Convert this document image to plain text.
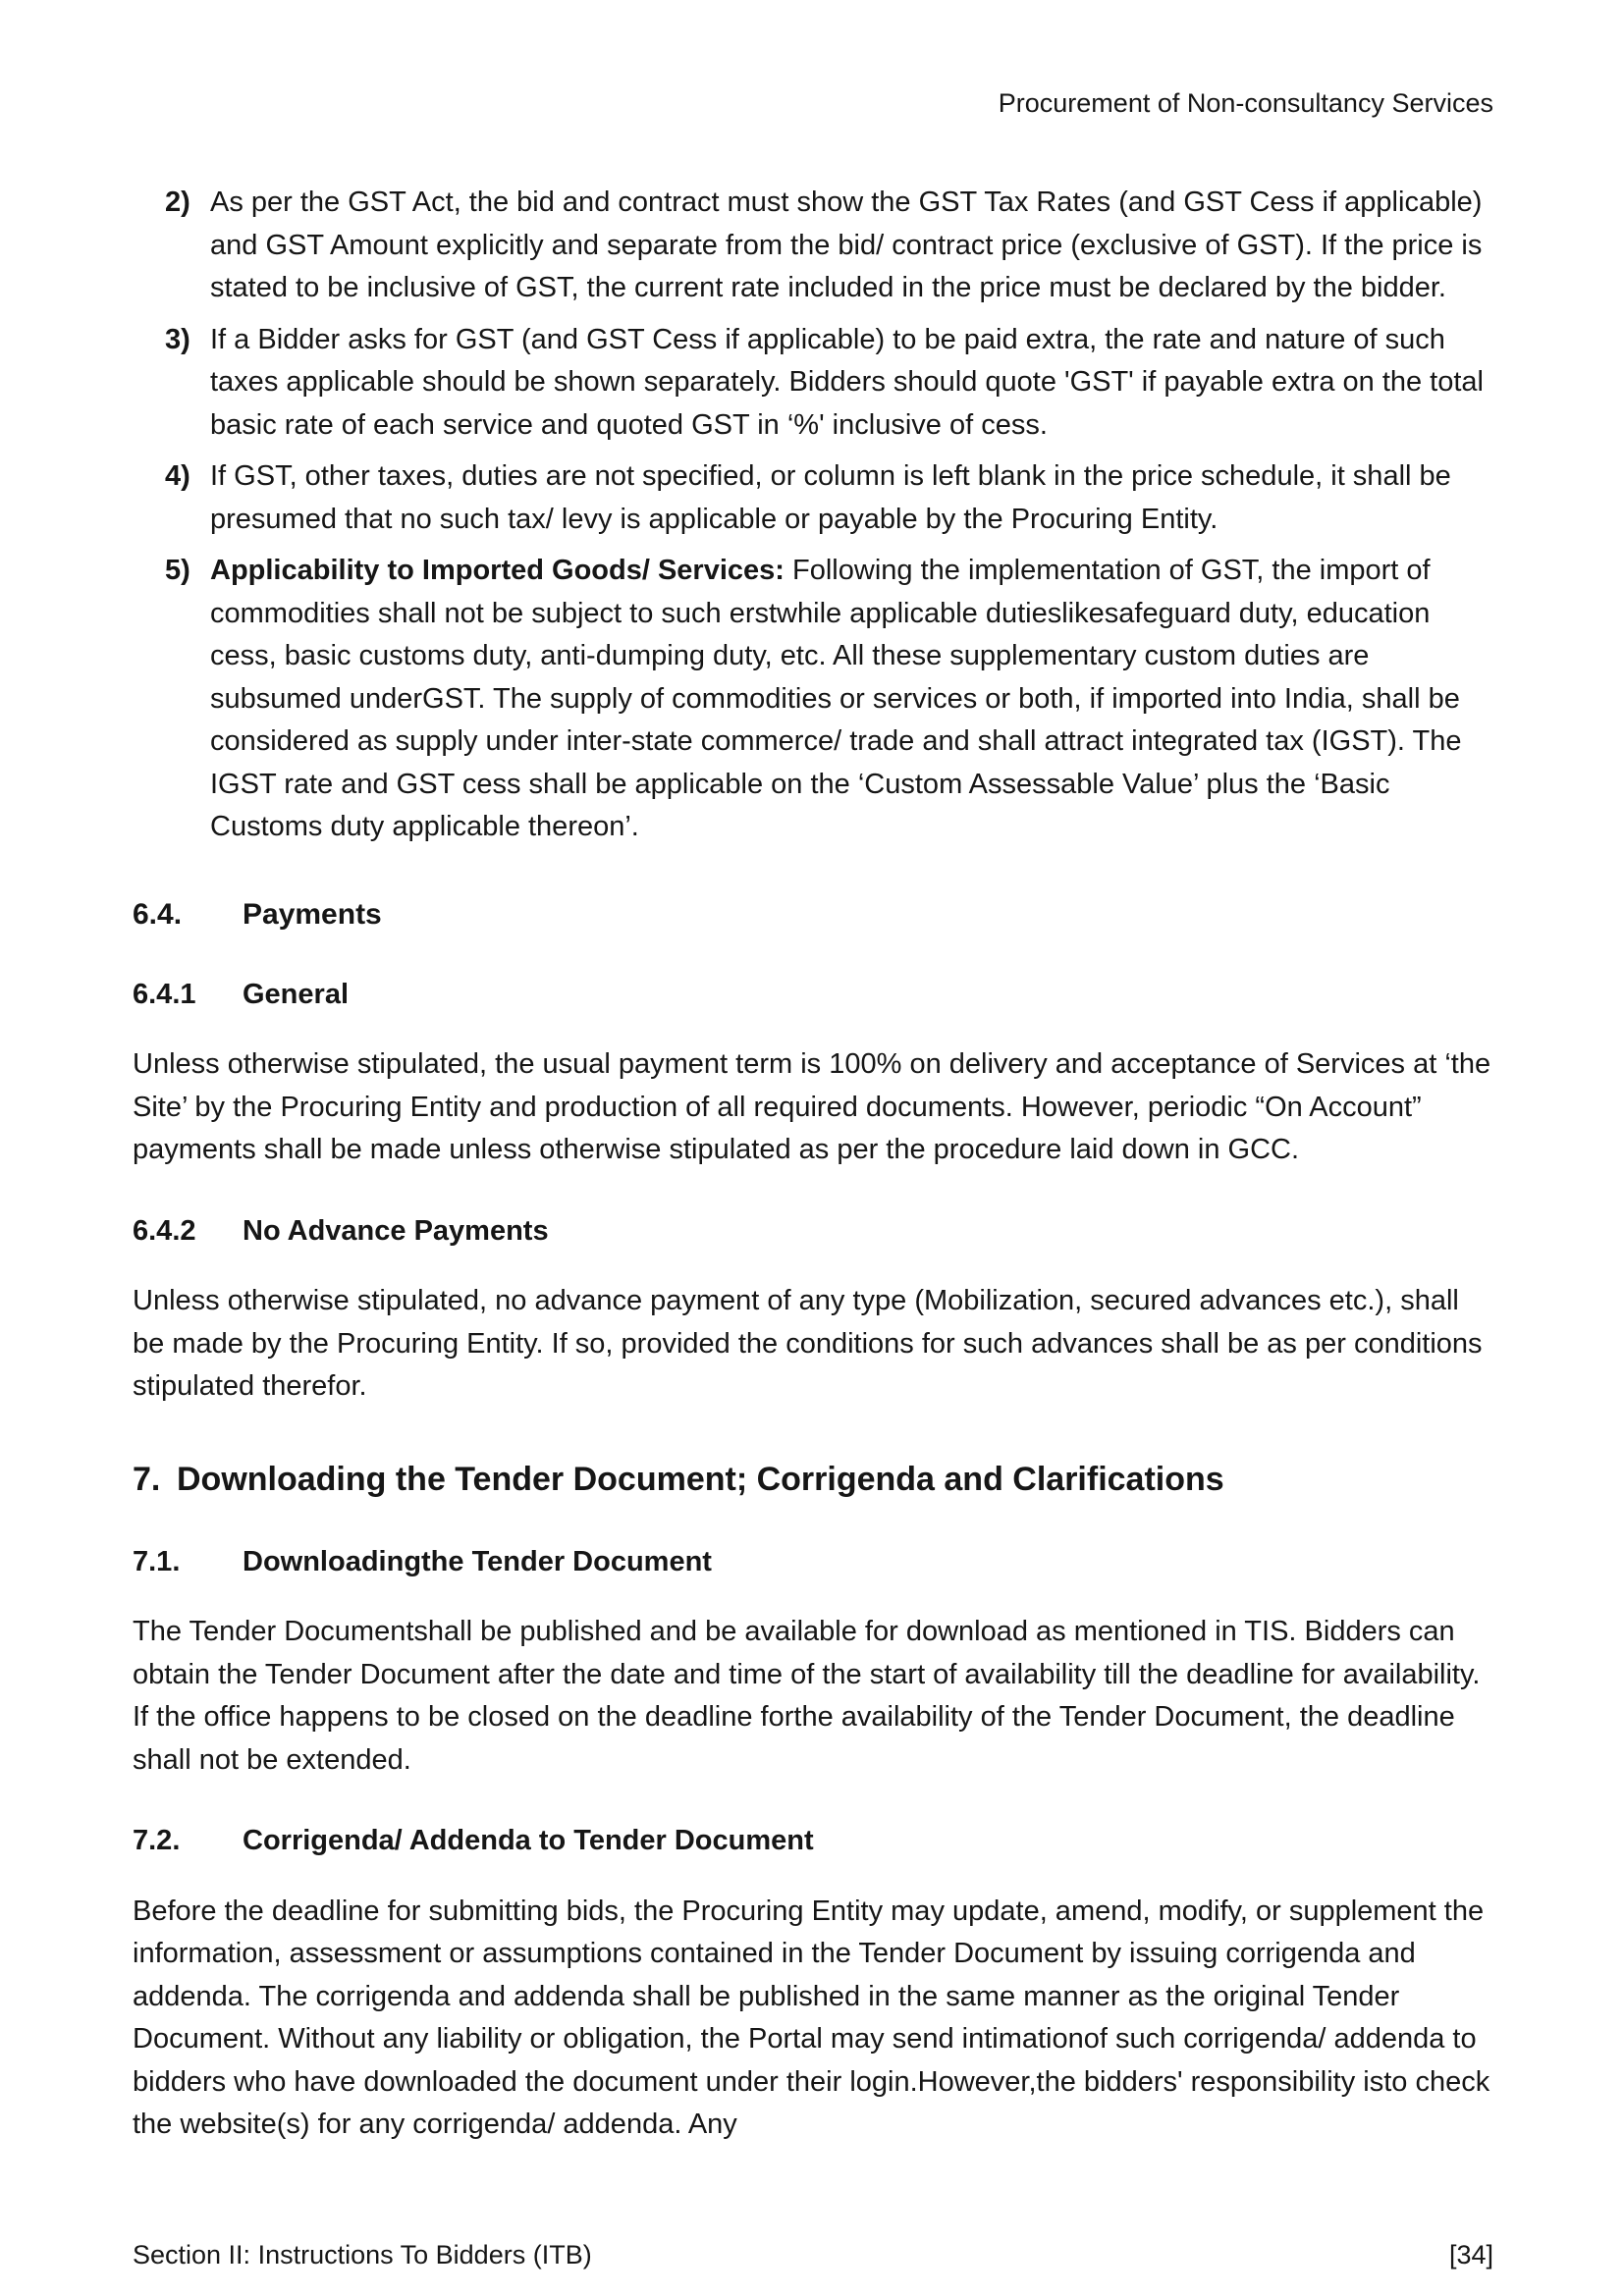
Procurement of Non-consultancy Services
2) As per the GST Act, the bid and contract must show the GST Tax Rates (and GST Cess if applicable) and GST Amount explicitly and separate from the bid/ contract price (exclusive of GST). If the price is stated to be inclusive of GST, the current rate included in the price must be declared by the bidder.
3) If a Bidder asks for GST (and GST Cess if applicable) to be paid extra, the rate and nature of such taxes applicable should be shown separately. Bidders should quote 'GST' if payable extra on the total basic rate of each service and quoted GST in ‘%' inclusive of cess.
4) If GST, other taxes, duties are not specified, or column is left blank in the price schedule, it shall be presumed that no such tax/ levy is applicable or payable by the Procuring Entity.
5) Applicability to Imported Goods/ Services: Following the implementation of GST, the import of commodities shall not be subject to such erstwhile applicable dutieslikesafeguard duty, education cess, basic customs duty, anti-dumping duty, etc. All these supplementary custom duties are subsumed underGST. The supply of commodities or services or both, if imported into India, shall be considered as supply under inter-state commerce/ trade and shall attract integrated tax (IGST). The IGST rate and GST cess shall be applicable on the ‘Custom Assessable Value’ plus the ‘Basic Customs duty applicable thereon’.
6.4.	Payments
6.4.1	General

Unless otherwise stipulated, the usual payment term is 100% on delivery and acceptance of Services at ‘the Site’ by the Procuring Entity and production of all required documents. However, periodic “On Account” payments shall be made unless otherwise stipulated as per the procedure laid down in GCC.

6.4.2	No Advance Payments

Unless otherwise stipulated, no advance payment of any type (Mobilization, secured advances etc.), shall be made by the Procuring Entity. If so, provided the conditions for such advances shall be as per conditions stipulated therefor.

7. Downloading the Tender Document; Corrigenda and Clarifications
7.1.	Downloadingthe Tender Document

The Tender Documentshall be published and be available for download as mentioned in TIS. Bidders can obtain the Tender Document after the date and time of the start of availability till the deadline for availability. If the office happens to be closed on the deadline forthe availability of the Tender Document, the deadline shall not be extended.

7.2.	Corrigenda/ Addenda to Tender Document

Before the deadline for submitting bids, the Procuring Entity may update, amend, modify, or supplement the information, assessment or assumptions contained in the Tender Document by issuing corrigenda and addenda. The corrigenda and addenda shall be published in the same manner as the original Tender Document. Without any liability or obligation, the Portal may send intimationof such corrigenda/ addenda to bidders who have downloaded the document under their login.However,the bidders' responsibility isto check the website(s) for any corrigenda/ addenda. Any

Section II: Instructions To Bidders (ITB)	[34]
